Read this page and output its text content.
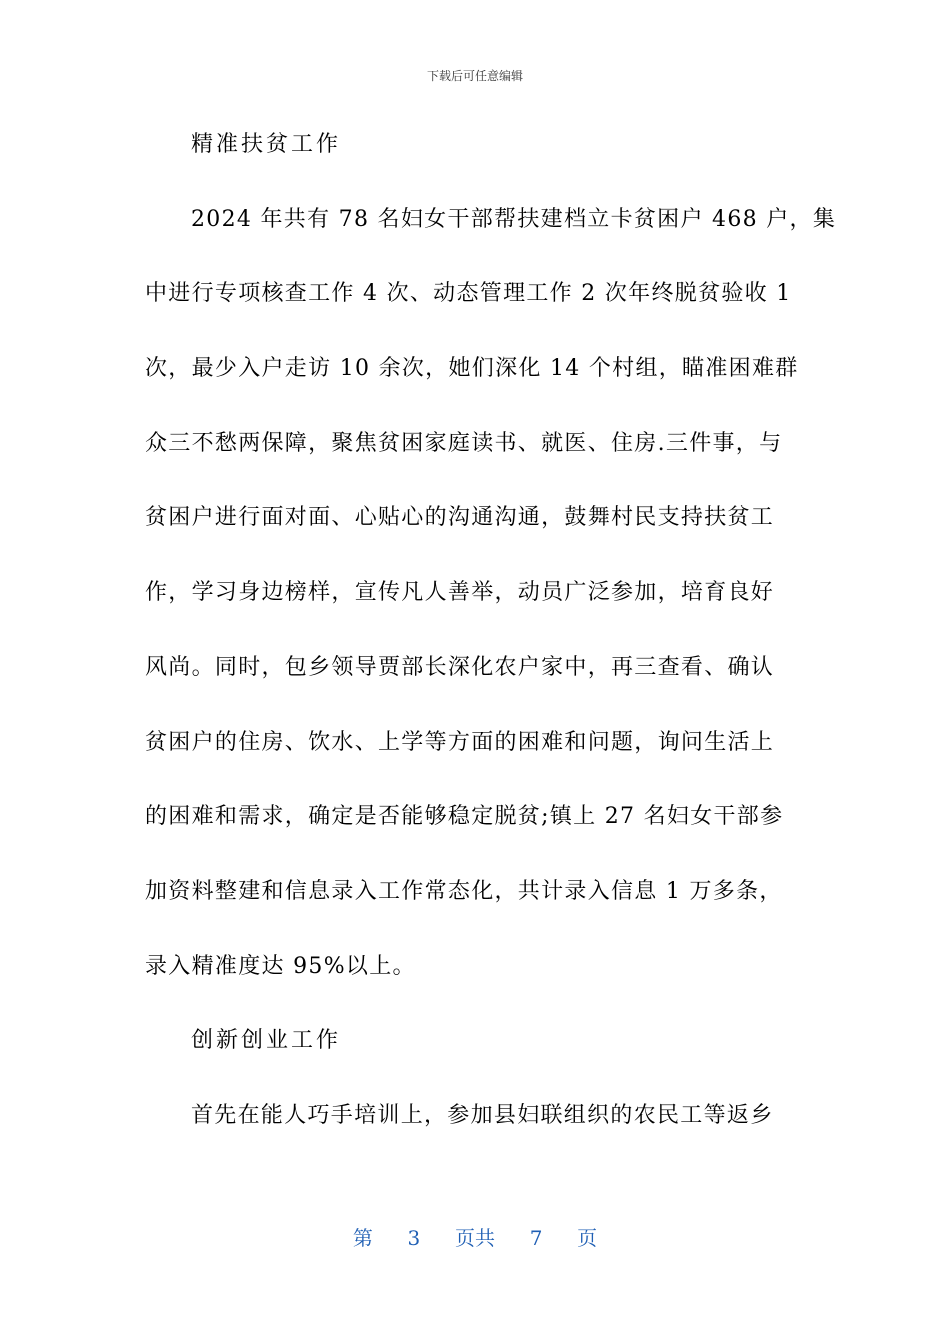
下载后可任意编辑
精准扶贫工作
2024 年共有 78 名妇女干部帮扶建档立卡贫困户 468 户，集
中进行专项核查工作 4 次、动态管理工作 2 次年终脱贫验收 1
次，最少入户走访 10 余次，她们深化 14 个村组，瞄准困难群
众三不愁两保障，聚焦贫困家庭读书、就医、住房.三件事，与
贫困户进行面对面、心贴心的沟通沟通，鼓舞村民支持扶贫工
作，学习身边榜样，宣传凡人善举，动员广泛参加，培育良好
风尚。同时，包乡领导贾部长深化农户家中，再三查看、确认
贫困户的住房、饮水、上学等方面的困难和问题，询问生活上
的困难和需求，确定是否能够稳定脱贫;镇上 27 名妇女干部参
加资料整建和信息录入工作常态化，共计录入信息 1 万多条，
录入精准度达 95%以上。
创新创业工作
首先在能人巧手培训上，参加县妇联组织的农民工等返乡
第 3 页共 7 页
